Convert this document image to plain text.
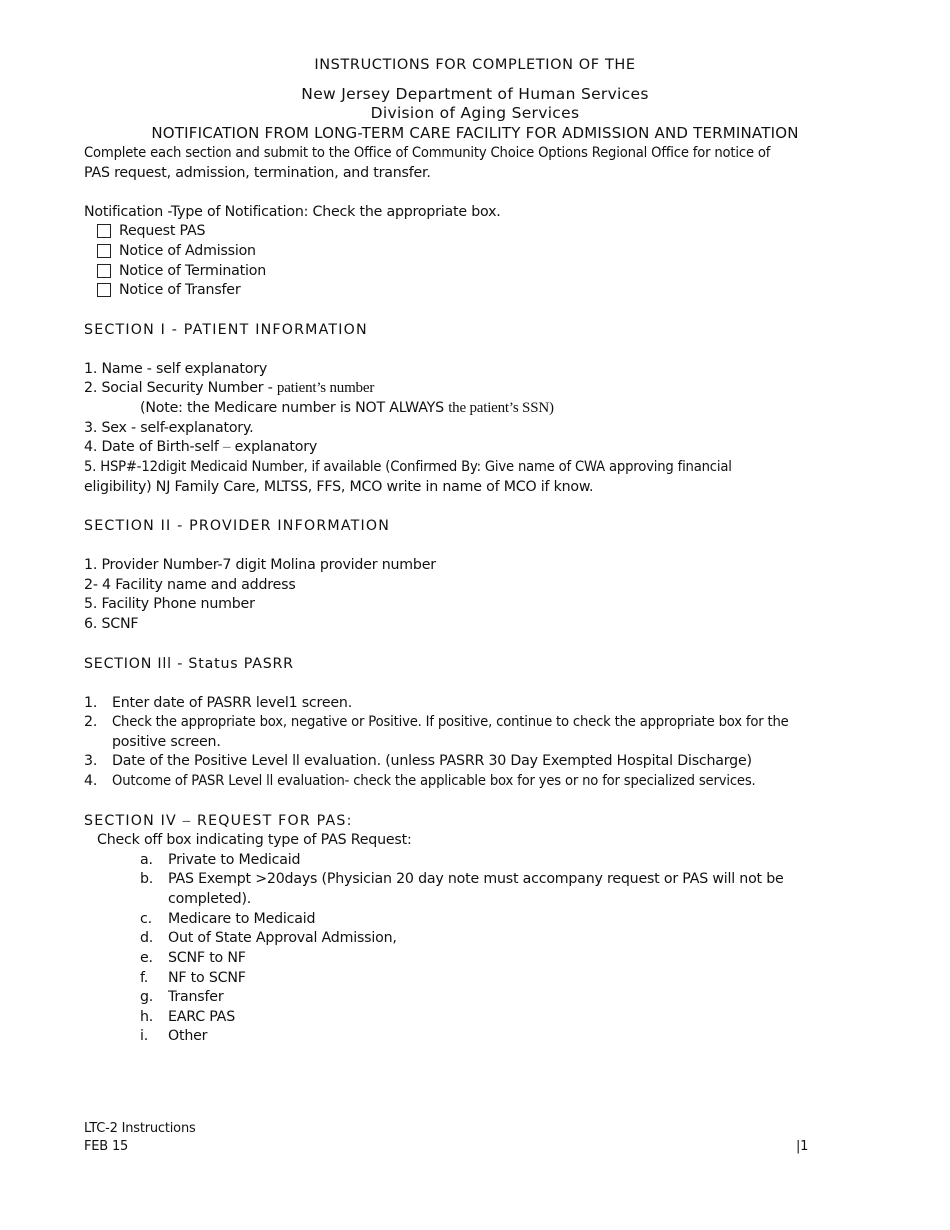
INSTRUCTIONS FOR COMPLETION OF THE
New Jersey Department of Human Services
Division of Aging Services
NOTIFICATION FROM LONG-TERM CARE FACILITY FOR ADMISSION AND TERMINATION
Complete each section and submit to the Office of Community Choice Options Regional Office for notice of
PAS request, admission, termination, and transfer.
Notification -Type of Notification: Check the appropriate box.
Request PAS
Notice of Admission
Notice of Termination
Notice of Transfer
SECTION I - PATIENT INFORMATION
1. Name - self explanatory
2. Social Security Number - patient’s number
(Note: the Medicare number is NOT ALWAYS the patient’s SSN)
3. Sex - self-explanatory.
4. Date of Birth-self – explanatory
5. HSP#-12digit Medicaid Number, if available (Confirmed By: Give name of CWA approving financial
eligibility) NJ Family Care, MLTSS, FFS, MCO write in name of MCO if know.
SECTION II - PROVIDER INFORMATION
1. Provider Number-7 digit Molina provider number
2- 4 Facility name and address
5. Facility Phone number
6. SCNF
SECTION Ill - Status PASRR
1. Enter date of PASRR level1 screen.
2. Check the appropriate box, negative or Positive. If positive, continue to check the appropriate box for the
positive screen.
3. Date of the Positive Level ll evaluation. (unless PASRR 30 Day Exempted Hospital Discharge)
4. Outcome of PASR Level ll evaluation- check the applicable box for yes or no for specialized services.
SECTION IV – REQUEST FOR PAS:
Check off box indicating type of PAS Request:
a. Private to Medicaid
b. PAS Exempt >20days (Physician 20 day note must accompany request or PAS will not be
completed).
c. Medicare to Medicaid
d. Out of State Approval Admission,
e. SCNF to NF
f. NF to SCNF
g. Transfer
h. EARC PAS
i. Other
LTC-2 Instructions
FEB 15	|1
